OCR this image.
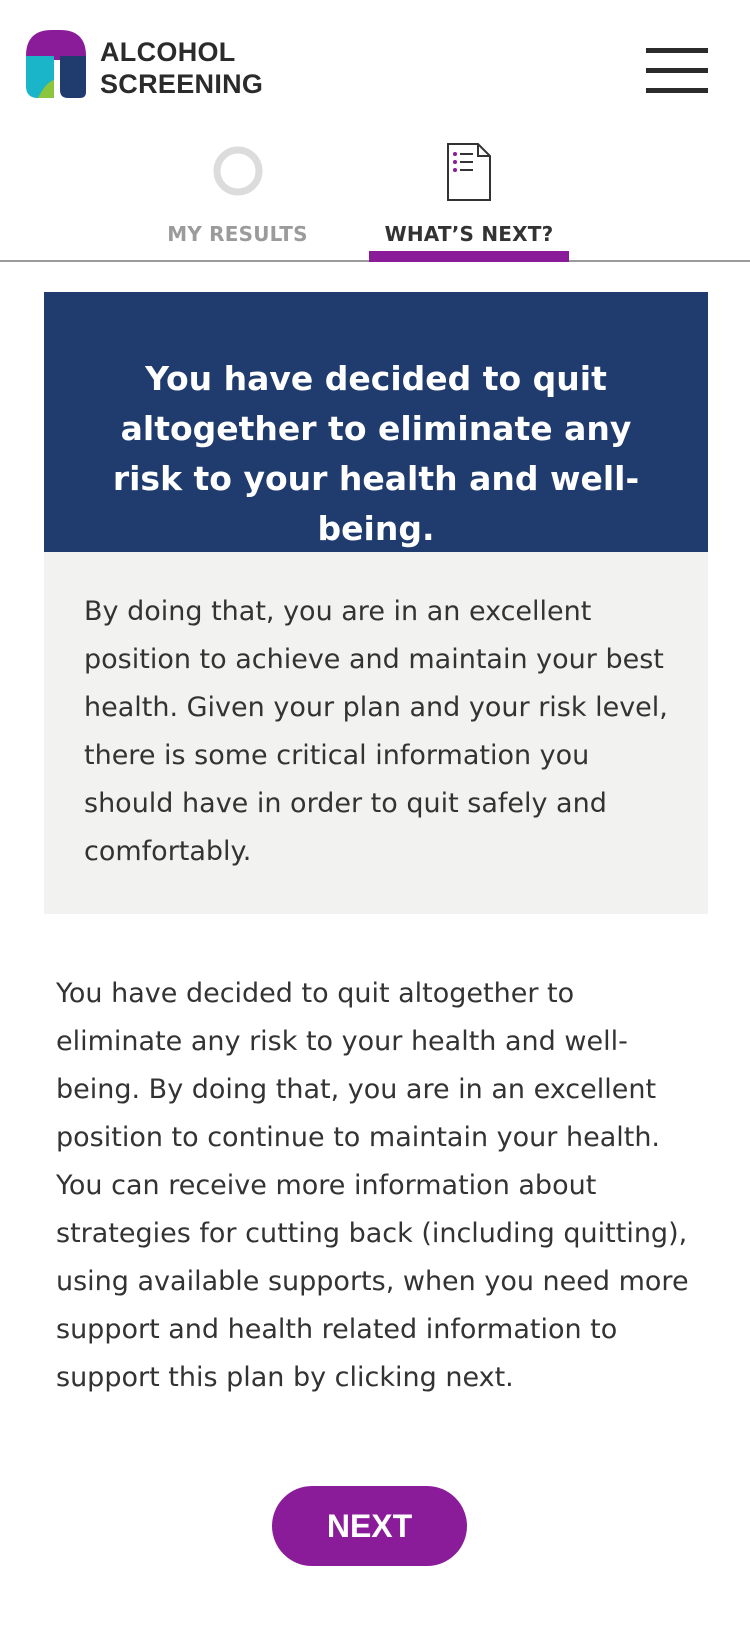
ALCOHOL
SCREENING
MY RESULTS	WHAT’S NEXT?
You have decided to quit altogether to eliminate any risk to your health and well-being.
By doing that, you are in an excellent position to achieve and maintain your best health. Given your plan and your risk level, there is some critical information you should have in order to quit safely and comfortably.
You have decided to quit altogether to eliminate any risk to your health and well-being. By doing that, you are in an excellent position to continue to maintain your health. You can receive more information about strategies for cutting back (including quitting), using available supports, when you need more support and health related information to support this plan by clicking next.
NEXT
